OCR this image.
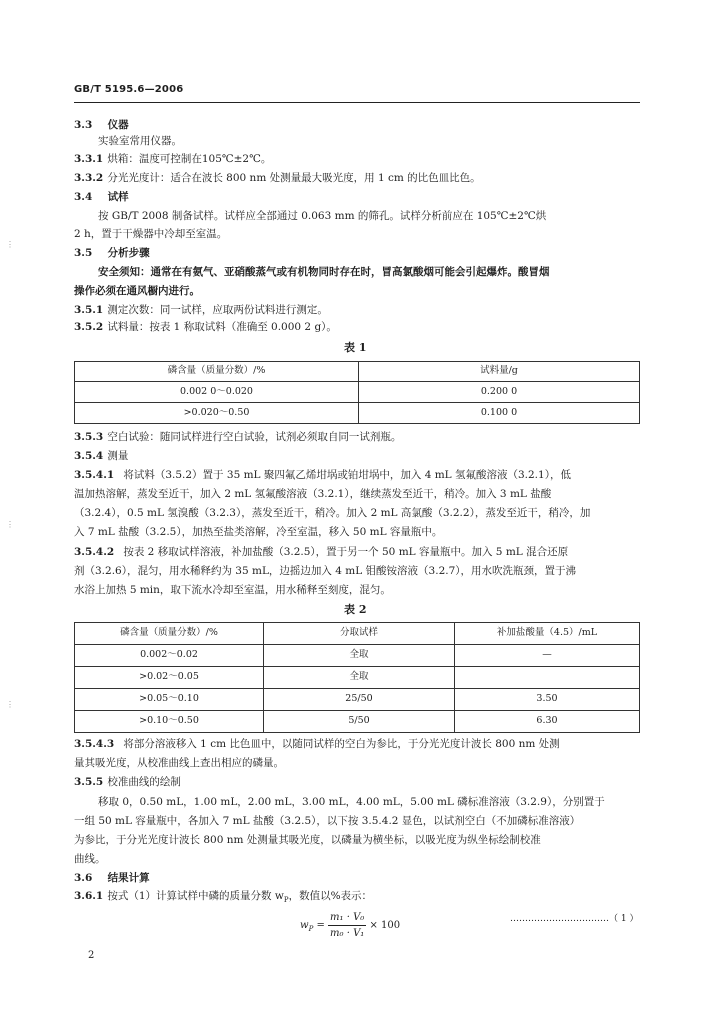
GB/T 5195.6—2006
⋮
⋮
⋮
3.3 仪器
实验室常用仪器。
3.3.1 烘箱：温度可控制在105℃±2℃。
3.3.2 分光光度计：适合在波长 800 nm 处测量最大吸光度，用 1 cm 的比色皿比色。
3.4 试样
按 GB/T 2008 制备试样。试样应全部通过 0.063 mm 的筛孔。试样分析前应在 105℃±2℃烘
2 h，置于干燥器中冷却至室温。
3.5 分析步骤
安全须知：通常在有氨气、亚硝酸蒸气或有机物同时存在时，冒高氯酸烟可能会引起爆炸。酸冒烟
操作必须在通风橱内进行。
3.5.1 测定次数：同一试样，应取两份试料进行测定。
3.5.2 试料量：按表 1 称取试料（准确至 0.000 2 g）。
表 1
磷含量（质量分数）/%	试料量/g
0.002 0～0.020	0.200 0
>0.020～0.50	0.100 0
3.5.3 空白试验：随同试样进行空白试验，试剂必须取自同一试剂瓶。
3.5.4 测量
3.5.4.1 将试料（3.5.2）置于 35 mL 聚四氟乙烯坩埚或铂坩埚中，加入 4 mL 氢氟酸溶液（3.2.1），低
温加热溶解，蒸发至近干，加入 2 mL 氢氟酸溶液（3.2.1），继续蒸发至近干，稍冷。加入 3 mL 盐酸
（3.2.4），0.5 mL 氢溴酸（3.2.3），蒸发至近干，稍冷。加入 2 mL 高氯酸（3.2.2），蒸发至近干，稍冷，加
入 7 mL 盐酸（3.2.5），加热至盐类溶解，冷至室温，移入 50 mL 容量瓶中。
3.5.4.2 按表 2 移取试样溶液，补加盐酸（3.2.5），置于另一个 50 mL 容量瓶中。加入 5 mL 混合还原
剂（3.2.6），混匀，用水稀释约为 35 mL，边摇边加入 4 mL 钼酸铵溶液（3.2.7），用水吹洗瓶颈，置于沸
水浴上加热 5 min，取下流水冷却至室温，用水稀释至刻度，混匀。
表 2
磷含量（质量分数）/%	分取试样	补加盐酸量（4.5）/mL
0.002～0.02	全取	—
>0.02～0.05	全取	
>0.05～0.10	25/50	3.50
>0.10～0.50	5/50	6.30
3.5.4.3 将部分溶液移入 1 cm 比色皿中，以随同试样的空白为参比，于分光光度计波长 800 nm 处测
量其吸光度，从校准曲线上查出相应的磷量。
3.5.5 校准曲线的绘制
移取 0，0.50 mL，1.00 mL，2.00 mL，3.00 mL，4.00 mL，5.00 mL 磷标准溶液（3.2.9），分别置于
一组 50 mL 容量瓶中，各加入 7 mL 盐酸（3.2.5），以下按 3.5.4.2 显色，以试剂空白（不加磷标准溶液）
为参比，于分光光度计波长 800 nm 处测量其吸光度，以磷量为横坐标，以吸光度为纵坐标绘制校准
曲线。
3.6 结果计算
3.6.1 按式（1）计算试样中磷的质量分数 $w_P$，数值以%表示：
$w_P = \frac{\text{m₁ · V₀}}{\text{m₀ · V₁}} \times 100$
……………………………（ 1 ）
2
